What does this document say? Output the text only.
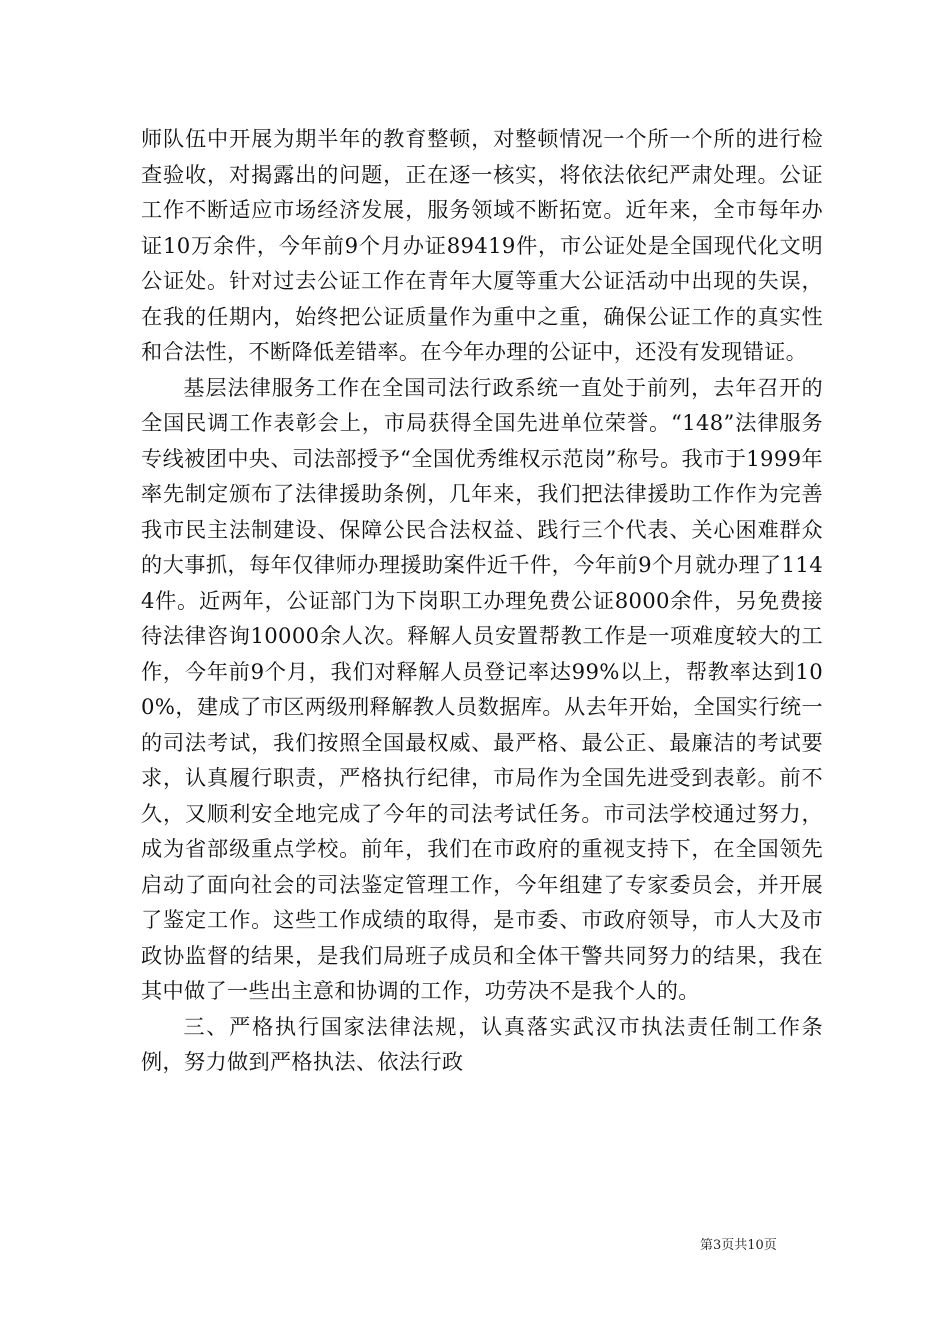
师队伍中开展为期半年的教育整顿，对整顿情况一个所一个所的进行检查验收，对揭露出的问题，正在逐一核实，将依法依纪严肃处理。公证工作不断适应市场经济发展，服务领域不断拓宽。近年来，全市每年办证10万余件，今年前9个月办证89419件，市公证处是全国现代化文明公证处。针对过去公证工作在青年大厦等重大公证活动中出现的失误，在我的任期内，始终把公证质量作为重中之重，确保公证工作的真实性和合法性，不断降低差错率。在今年办理的公证中，还没有发现错证。

基层法律服务工作在全国司法行政系统一直处于前列，去年召开的全国民调工作表彰会上，市局获得全国先进单位荣誉。“148”法律服务专线被团中央、司法部授予“全国优秀维权示范岗”称号。我市于1999年率先制定颁布了法律援助条例，几年来，我们把法律援助工作作为完善我市民主法制建设、保障公民合法权益、践行三个代表、关心困难群众的大事抓，每年仅律师办理援助案件近千件，今年前9个月就办理了1144件。近两年，公证部门为下岗职工办理免费公证8000余件，另免费接待法律咨询10000余人次。释解人员安置帮教工作是一项难度较大的工作，今年前9个月，我们对释解人员登记率达99%以上，帮教率达到100%，建成了市区两级刑释解教人员数据库。从去年开始，全国实行统一的司法考试，我们按照全国最权威、最严格、最公正、最廉洁的考试要求，认真履行职责，严格执行纪律，市局作为全国先进受到表彰。前不久，又顺利安全地完成了今年的司法考试任务。市司法学校通过努力，成为省部级重点学校。前年，我们在市政府的重视支持下，在全国领先启动了面向社会的司法鉴定管理工作，今年组建了专家委员会，并开展了鉴定工作。这些工作成绩的取得，是市委、市政府领导，市人大及市政协监督的结果，是我们局班子成员和全体干警共同努力的结果，我在其中做了一些出主意和协调的工作，功劳决不是我个人的。

三、严格执行国家法律法规，认真落实武汉市执法责任制工作条例，努力做到严格执法、依法行政

第3页共10页
